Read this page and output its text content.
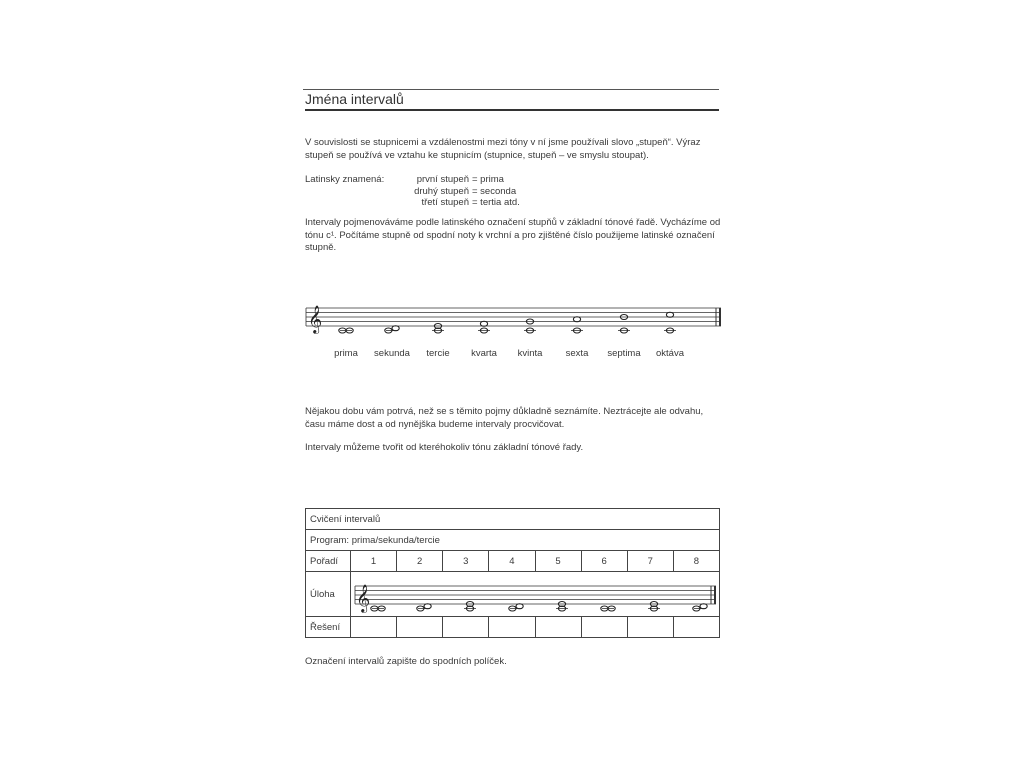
Jména intervalů
V souvislosti se stupnicemi a vzdálenostmi mezi tóny v ní jsme používali slovo „stupeň“. Výraz stupeň se používá ve vztahu ke stupnicím (stupnice, stupeň – ve smyslu stoupat).
Latinsky znamená:	první stupeň = prima
druhý stupeň = seconda
třetí stupeň = tertia atd.
Intervaly pojmenováváme podle latinského označení stupňů v základní tónové řadě. Vycházíme od tónu c¹. Počítáme stupně od spodní noty k vrchní a pro zjištěné číslo použijeme latinské označení stupně.
𝄞
prima sekunda tercie kvarta kvinta sexta septima oktáva
Nějakou dobu vám potrvá, než se s těmito pojmy důkladně seznámíte. Neztrácejte ale odvahu, času máme dost a od nynějška budeme intervaly procvičovat.
Intervaly můžeme tvořit od kteréhokoliv tónu základní tónové řady.
Cvičení intervalů								
Program: prima/sekunda/tercie								
Pořadí	1	2	3	4	5	6	7	8
Úloha	𝄞							

Řešení								
Označení intervalů zapište do spodních políček.
